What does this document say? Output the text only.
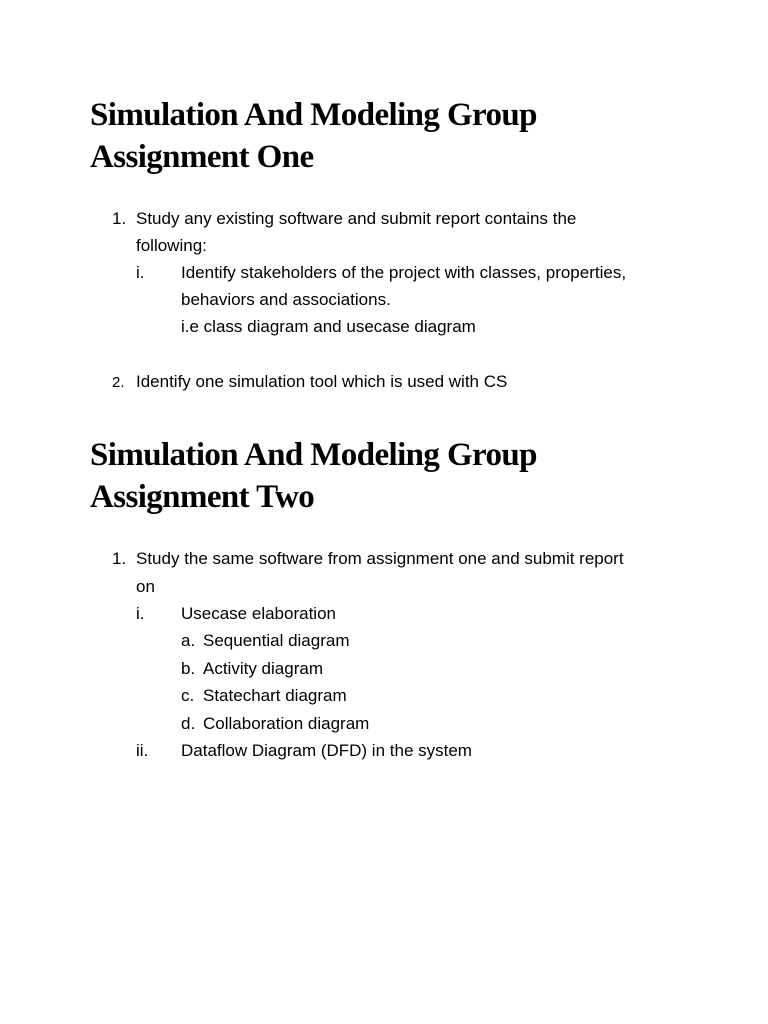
Simulation And Modeling Group
Assignment One
1. Study any existing software and submit report contains the
following:
i. Identify stakeholders of the project with classes, properties,
behaviors and associations.
i.e class diagram and usecase diagram
2. Identify one simulation tool which is used with CS
Simulation And Modeling Group
Assignment Two
1. Study the same software from assignment one and submit report
on
i. Usecase elaboration
a. Sequential diagram
b. Activity diagram
c. Statechart diagram
d. Collaboration diagram
ii. Dataflow Diagram (DFD) in the system
